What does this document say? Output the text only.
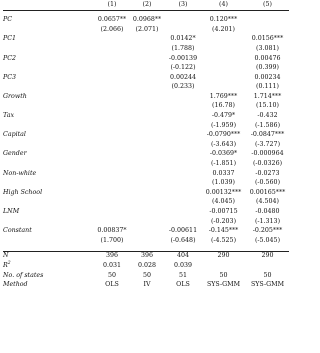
	(1)	(2)	(3)	(4)	(5)

PC	0.0657**	0.0968**		0.120***	
	(2.066)	(2.071)		(4.201)	
PC1			0.0142*		0.0156***
			(1.788)		(3.081)
PC2			-0.00139		0.00476
			(-0.122)		(0.399)
PC3			0.00244		0.00234
			(0.233)		(0.111)
Growth				1.769***	1.714***
				(16.78)	(15.10)
Tax				-0.479*	-0.432
				(-1.959)	(-1.586)
Capital				-0.0790***	-0.0847***
				(-3.643)	(-3.727)
Gender				-0.0369*	-0.000964
				(-1.851)	(-0.0326)
Non-white				0.0337	-0.0273
				(1.039)	(-0.560)
High School				0.00132***	0.00165***
				(4.045)	(4.504)
LNM				-0.00715	-0.0480
				(-0.203)	(-1.313)
Constant	0.00837*		-0.00611	-0.145***	-0.205***
	(1.700)		(-0.648)	(-4.525)	(-5.045)

N	396	396	404	290	290
$R^2$	0.031	0.028	0.039		
No. of states	50	50	51	50	50
Method	OLS	IV	OLS	SYS-GMM	SYS-GMM
